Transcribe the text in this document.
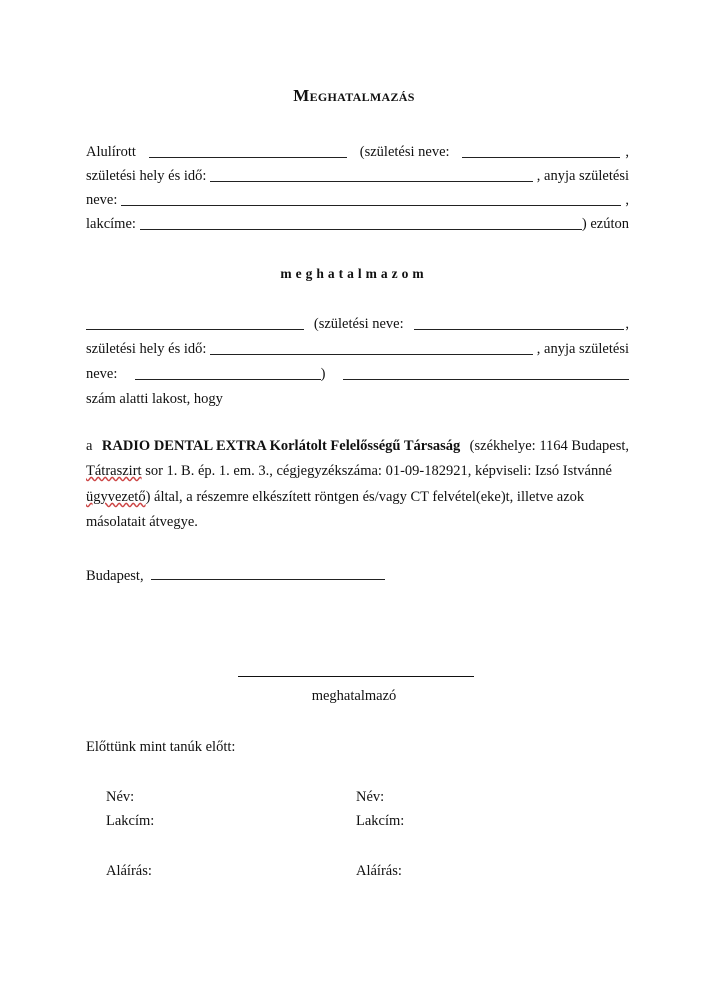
Meghatalmazás
Alulírott	(születési neve:	,
születési hely és idő:	, anyja születési
neve:	,
lakcíme:	) ezúton
meghatalmazom
(születési neve:	,
születési hely és idő:	, anyja születési
neve:	)
szám alatti lakost, hogy
a RADIO DENTAL EXTRA Korlátolt Felelősségű Társaság (székhelye: 1164 Budapest,
Tátraszirt sor 1. B. ép. 1. em. 3., cégjegyzékszáma: 01-09-182921, képviseli: Izsó Istvánné
ügyvezető) által, a részemre elkészített röntgen és/vagy CT felvétel(eke)t, illetve azok
másolatait átvegye.
Budapest,
meghatalmazó
Előttünk mint tanúk előtt:
Név:
Lakcím:
Aláírás:
Név:
Lakcím:
Aláírás:
